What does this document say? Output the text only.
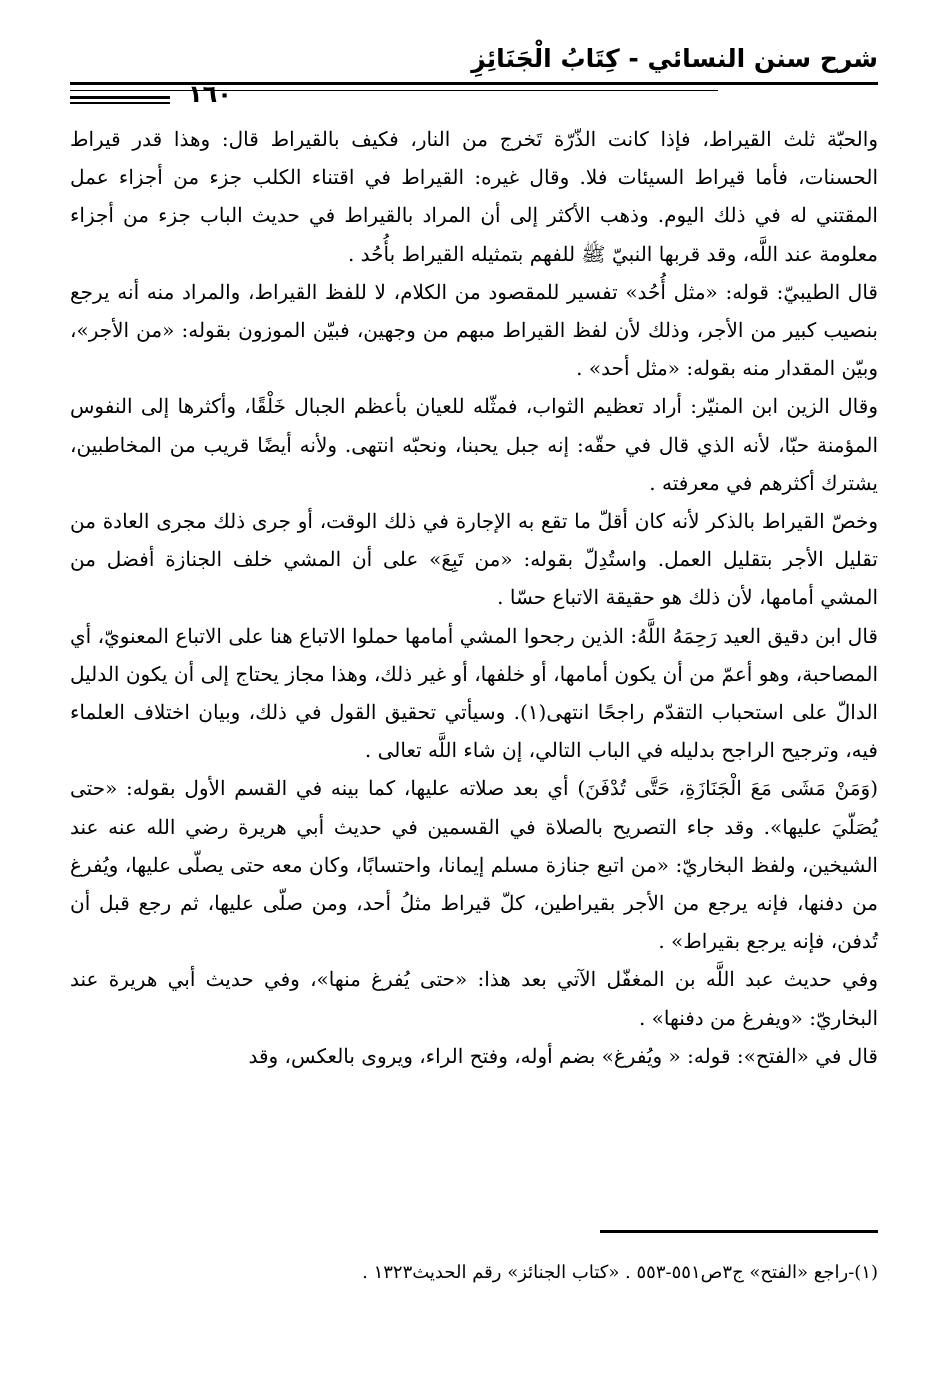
شرح سنن النسائي - كِتَابُ الْجَنَائِزِ
١٦٠

والحبّة ثلث القيراط، فإذا كانت الذّرّة تَخرج من النار، فكيف بالقيراط قال: وهذا قدر قيراط الحسنات، فأما قيراط السيئات فلا. وقال غيره: القيراط في اقتناء الكلب جزء من أجزاء عمل المقتني له في ذلك اليوم. وذهب الأكثر إلى أن المراد بالقيراط في حديث الباب جزء من أجزاء معلومة عند اللَّه، وقد قربها النبيّ ﷺ للفهم بتمثيله القيراط بأُحُد .

قال الطيبيّ: قوله: «مثل أُحُد» تفسير للمقصود من الكلام، لا للفظ القيراط، والمراد منه أنه يرجع بنصيب كبير من الأجر، وذلك لأن لفظ القيراط مبهم من وجهين، فبيّن الموزون بقوله: «من الأجر»، وبيّن المقدار منه بقوله: «مثل أحد» .

وقال الزين ابن المنيّر: أراد تعظيم الثواب، فمثّله للعيان بأعظم الجبال خَلْقًا، وأكثرها إلى النفوس المؤمنة حبّا، لأنه الذي قال في حقّه: إنه جبل يحبنا، ونحبّه انتهى. ولأنه أيضًا قريب من المخاطبين، يشترك أكثرهم في معرفته .

وخصّ القيراط بالذكر لأنه كان أقلّ ما تقع به الإجارة في ذلك الوقت، أو جرى ذلك مجرى العادة من تقليل الأجر بتقليل العمل. واستُدِلّ بقوله: «من تَبِعَ» على أن المشي خلف الجنازة أفضل من المشي أمامها، لأن ذلك هو حقيقة الاتباع حسّا .

قال ابن دقيق العيد رَحِمَهُ اللَّهُ: الذين رجحوا المشي أمامها حملوا الاتباع هنا على الاتباع المعنويّ، أي المصاحبة، وهو أعمّ من أن يكون أمامها، أو خلفها، أو غير ذلك، وهذا مجاز يحتاج إلى أن يكون الدليل الدالّ على استحباب التقدّم راجحًا انتهى(١). وسيأتي تحقيق القول في ذلك، وبيان اختلاف العلماء فيه، وترجيح الراجح بدليله في الباب التالي، إن شاء اللَّه تعالى .

(وَمَنْ مَشَى مَعَ الْجَنَازَةِ، حَتَّى تُدْفَنَ) أي بعد صلاته عليها، كما بينه في القسم الأول بقوله: «حتى يُصَلّيَ عليها». وقد جاء التصريح بالصلاة في القسمين في حديث أبي هريرة رضي الله عنه عند الشيخين، ولفظ البخاريّ: «من اتبع جنازة مسلم إيمانا، واحتسابًا، وكان معه حتى يصلّى عليها، ويُفرغ من دفنها، فإنه يرجع من الأجر بقيراطين، كلّ قيراط مثلُ أحد، ومن صلّى عليها، ثم رجع قبل أن تُدفن، فإنه يرجع بقيراط» .

وفي حديث عبد اللَّه بن المغفّل الآتي بعد هذا: «حتى يُفرغ منها»، وفي حديث أبي هريرة عند البخاريّ: «ويفرغ من دفنها» .

قال في «الفتح»: قوله: « ويُفرغ» بضم أوله، وفتح الراء، ويروى بالعكس، وقد

(١)-راجع «الفتح» ج٣ص٥٥١-٥٥٣ . «كتاب الجنائز» رقم الحديث١٣٢٣ .
